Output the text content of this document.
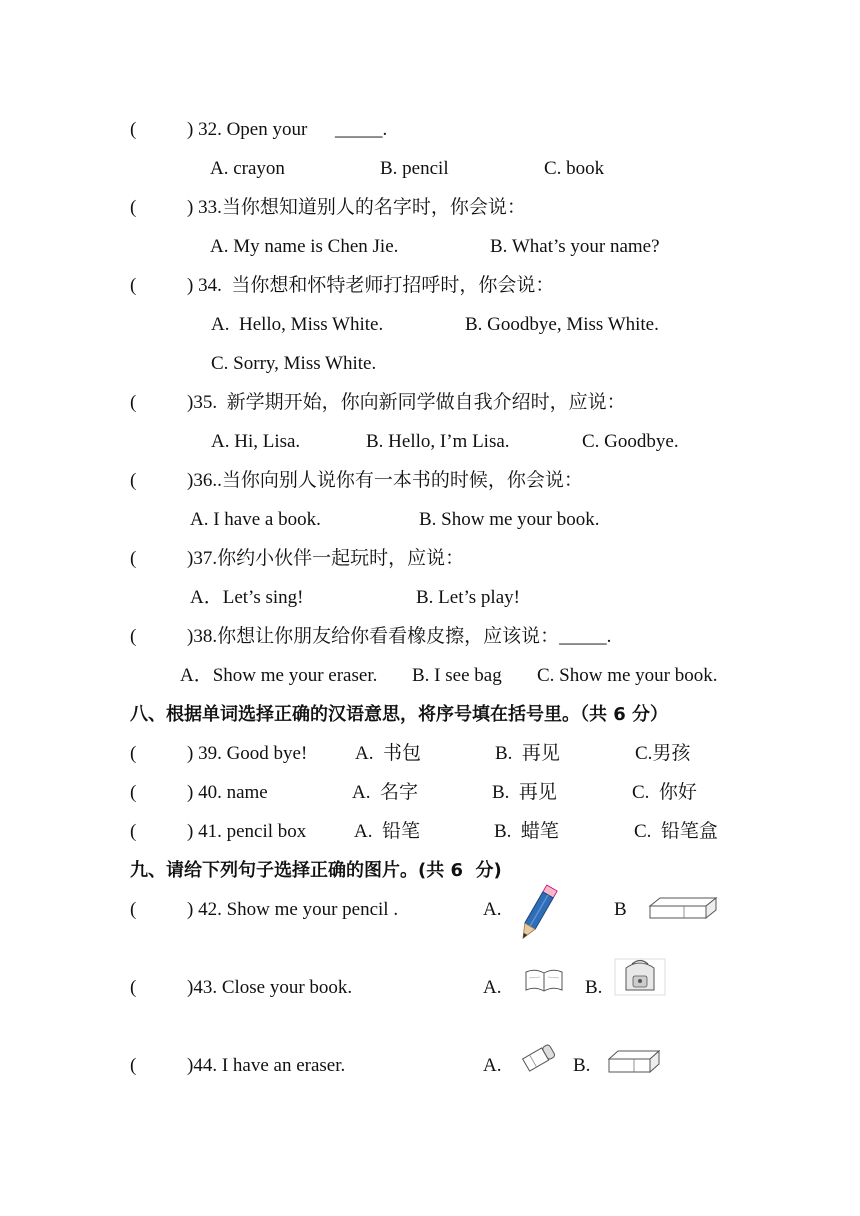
(	) 32. Open your _____.
A. crayon	B. pencil	C. book
(	) 33.当你想知道别人的名字时，你会说：
A. My name is Chen Jie.	B. What’s your name?
(	) 34.  当你想和怀特老师打招呼时，你会说：
A.  Hello, Miss White.	B. Goodbye, Miss White.
C. Sorry, Miss White.
(	)35.  新学期开始，你向新同学做自我介绍时，应说：
A. Hi, Lisa.	B. Hello, I’m Lisa.	C. Goodbye.
(	)36..当你向别人说你有一本书的时候，你会说：
A. I have a book.	B. Show me your book.
(	)37.你约小伙伴一起玩时，应说：
A．Let’s sing!	B. Let’s play!
(	)38.你想让你朋友给你看看橡皮擦，应该说：_____.
A．Show me your eraser. B. I see bag C. Show me your book.
八、根据单词选择正确的汉语意思，将序号填在括号里。（共 6 分）
(	) 39. Good bye!	A.  书包	B.  再见	C.男孩
(	) 40. name	A.  名字	B.  再见	C.  你好
(	) 41. pencil box	A.  铅笔	B.  蜡笔	C.  铅笔盒
九、请给下列句子选择正确的图片。(共 6  分)
(	) 42. Show me your pencil .	A.	B
(	)43. Close your book.	A.	B.
(	)44. I have an eraser.	A.	B.
